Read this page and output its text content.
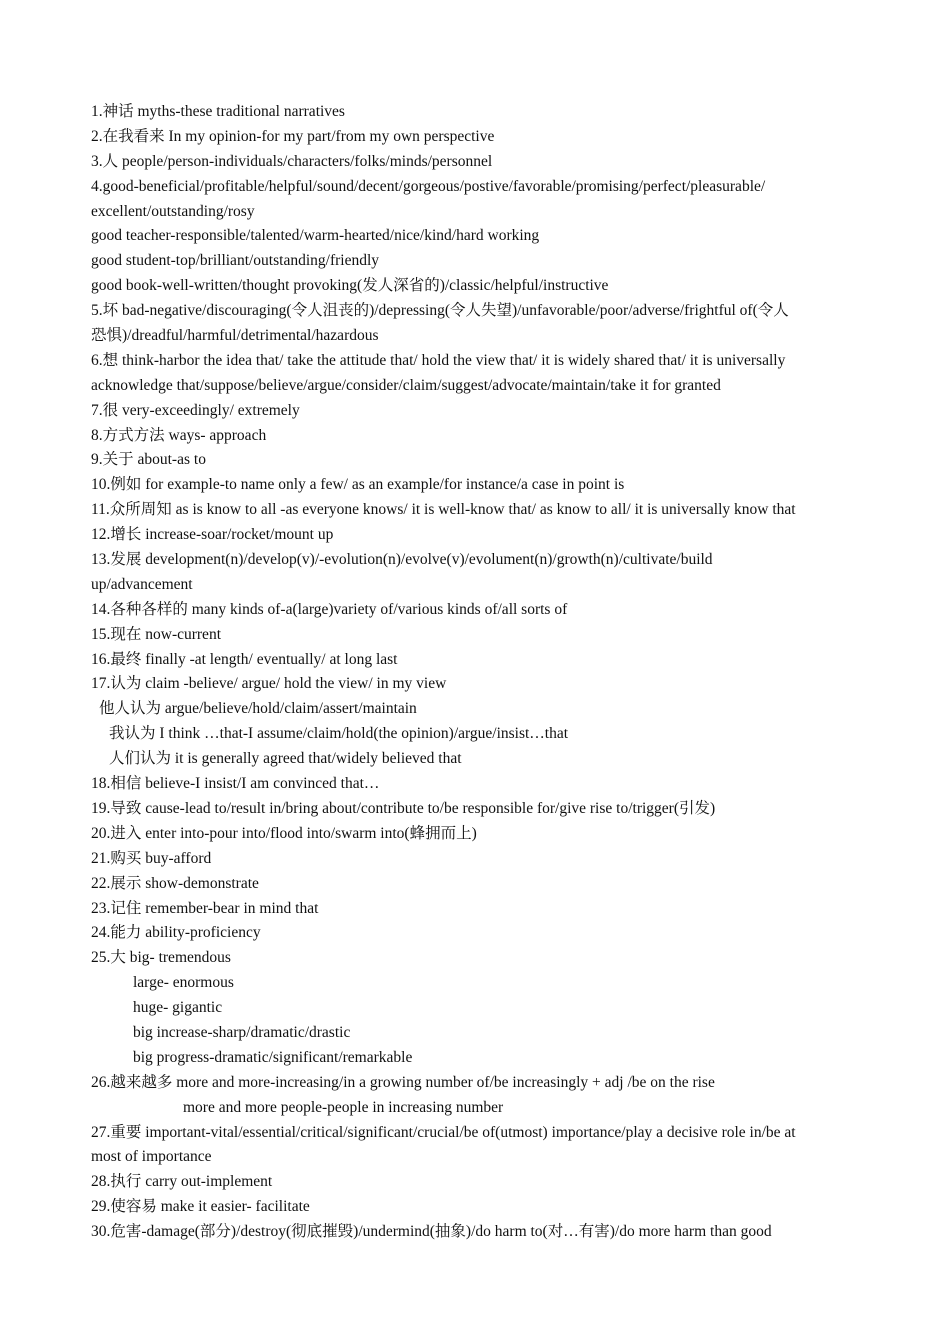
1.神话 myths-these traditional narratives
2.在我看来 In my opinion-for my part/from my own perspective
3.人 people/person-individuals/characters/folks/minds/personnel
4.good-beneficial/profitable/helpful/sound/decent/gorgeous/postive/favorable/promising/perfect/pleasurable/
excellent/outstanding/rosy
good teacher-responsible/talented/warm-hearted/nice/kind/hard working
good student-top/brilliant/outstanding/friendly
good book-well-written/thought provoking(发人深省的)/classic/helpful/instructive
5.坏 bad-negative/discouraging(令人沮丧的)/depressing(令人失望)/unfavorable/poor/adverse/frightful of(令人
恐惧)/dreadful/harmful/detrimental/hazardous
6.想 think-harbor the idea that/ take the attitude that/ hold the view that/ it is widely shared that/ it is universally
acknowledge that/suppose/believe/argue/consider/claim/suggest/advocate/maintain/take it for granted
7.很 very-exceedingly/ extremely
8.方式方法 ways- approach
9.关于 about-as to
10.例如 for example-to name only a few/ as an example/for instance/a case in point is
11.众所周知 as is know to all -as everyone knows/ it is well-know that/ as know to all/ it is universally know that
12.增长 increase-soar/rocket/mount up
13.发展 development(n)/develop(v)/-evolution(n)/evolve(v)/evolument(n)/growth(n)/cultivate/build
up/advancement
14.各种各样的 many kinds of-a(large)variety of/various kinds of/all sorts of
15.现在 now-current
16.最终 finally -at length/ eventually/ at long last
17.认为 claim -believe/ argue/ hold the view/ in my view
他人认为 argue/believe/hold/claim/assert/maintain
我认为 I think …that-I assume/claim/hold(the opinion)/argue/insist…that
人们认为 it is generally agreed that/widely believed that
18.相信 believe-I insist/I am convinced that…
19.导致 cause-lead to/result in/bring about/contribute to/be responsible for/give rise to/trigger(引发)
20.进入 enter into-pour into/flood into/swarm into(蜂拥而上)
21.购买 buy-afford
22.展示 show-demonstrate
23.记住 remember-bear in mind that
24.能力 ability-proficiency
25.大 big- tremendous
large- enormous
huge- gigantic
big increase-sharp/dramatic/drastic
big progress-dramatic/significant/remarkable
26.越来越多 more and more-increasing/in a growing number of/be increasingly + adj /be on the rise
more and more people-people in increasing number
27.重要 important-vital/essential/critical/significant/crucial/be of(utmost) importance/play a decisive role in/be at
most of importance
28.执行 carry out-implement
29.使容易 make it easier- facilitate
30.危害-damage(部分)/destroy(彻底摧毁)/undermind(抽象)/do harm to(对…有害)/do more harm than good
